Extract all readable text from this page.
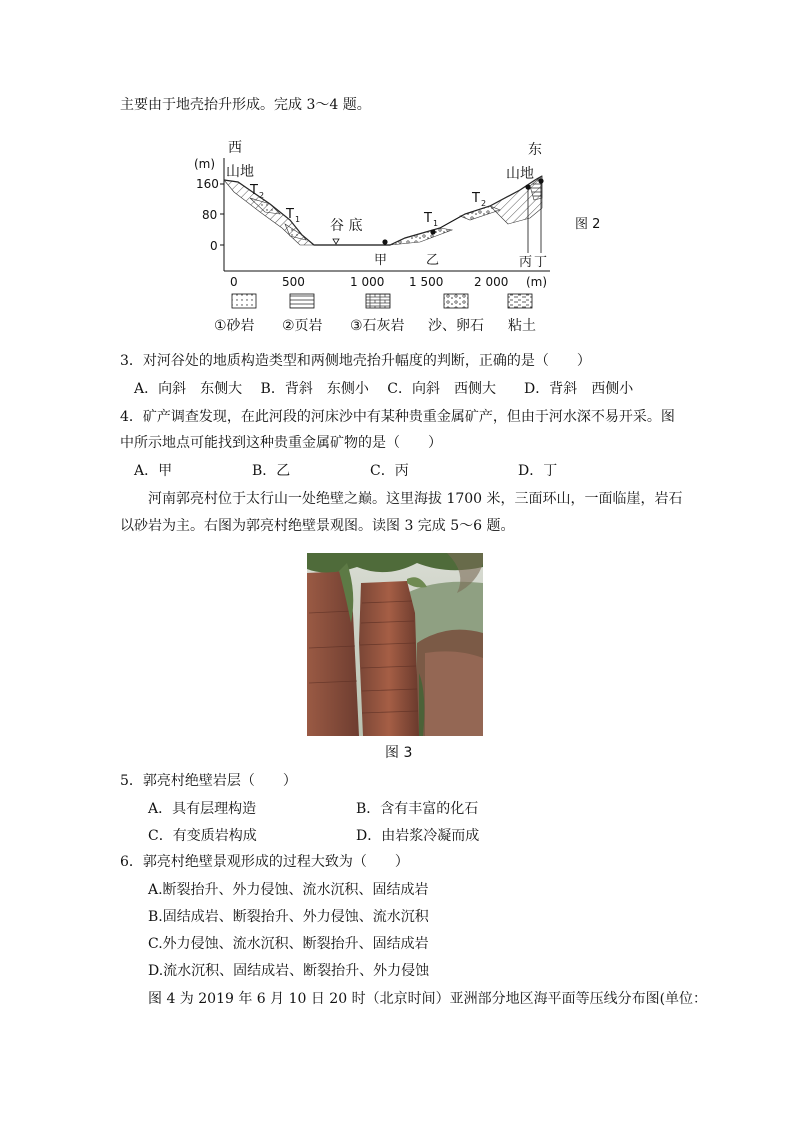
主要由于地壳抬升形成。完成 3～4 题。
西	东
(m) 山地	山地
谷 底
160
80
0
0	500	1 000 1 500	2 000 (m)
T 2
T 1	T 1
T 2
甲	乙	丙 丁
图 2
①砂岩 ②页岩 ③石灰岩 沙、卵石 粘土
3．对河谷处的地质构造类型和两侧地壳抬升幅度的判断，正确的是（　　）
A．向斜　东侧大　 B．背斜　东侧小　 C．向斜　西侧大　　D．背斜　西侧小
4．矿产调查发现，在此河段的河床沙中有某种贵重金属矿产，但由于河水深不易开采。图
中所示地点可能找到这种贵重金属矿物的是（　　）
A．甲	B．乙	C．丙	D．丁
河南郭亮村位于太行山一处绝壁之巅。这里海拔 1700 米，三面环山，一面临崖，岩石
以砂岩为主。右图为郭亮村绝壁景观图。读图 3 完成 5～6 题。
图 3
5．郭亮村绝壁岩层（　　）
A．具有层理构造	B．含有丰富的化石
C．有变质岩构成	D．由岩浆冷凝而成
6．郭亮村绝壁景观形成的过程大致为（　　）
A.断裂抬升、外力侵蚀、流水沉积、固结成岩
B.固结成岩、断裂抬升、外力侵蚀、流水沉积
C.外力侵蚀、流水沉积、断裂抬升、固结成岩
D.流水沉积、固结成岩、断裂抬升、外力侵蚀
图 4 为 2019 年 6 月 10 日 20 时（北京时间）亚洲部分地区海平面等压线分布图(单位：
